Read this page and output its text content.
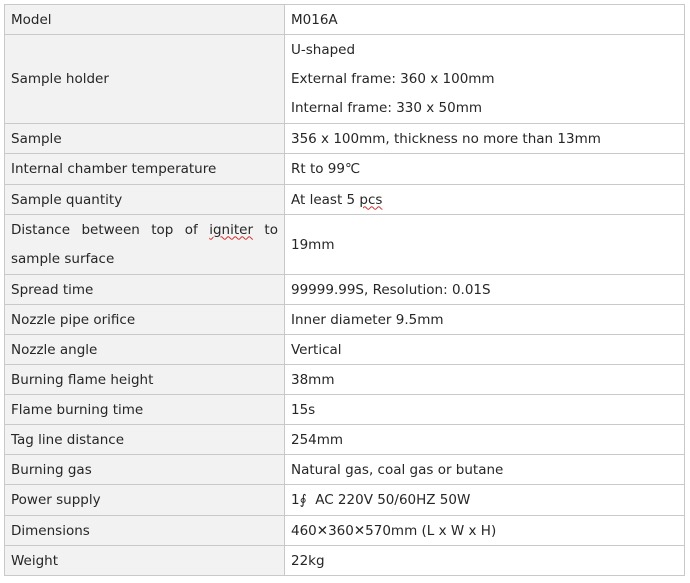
Model	M016A
Sample holder	U-shaped
External frame: 360 x 100mm
Internal frame: 330 x 50mm

Sample	356 x 100mm, thickness no more than 13mm
Internal chamber temperature	Rt to 99℃
Sample quantity	At least 5 pcs
Distance between top of igniter to sample surface	19mm
Spread time	99999.99S, Resolution: 0.01S
Nozzle pipe orifice	Inner diameter 9.5mm
Nozzle angle	Vertical
Burning flame height	38mm
Flame burning time	15s
Tag line distance	254mm
Burning gas	Natural gas, coal gas or butane
Power supply	1∮  AC 220V 50/60HZ 50W
Dimensions	460✕360✕570mm (L x W x H)
Weight	22kg
